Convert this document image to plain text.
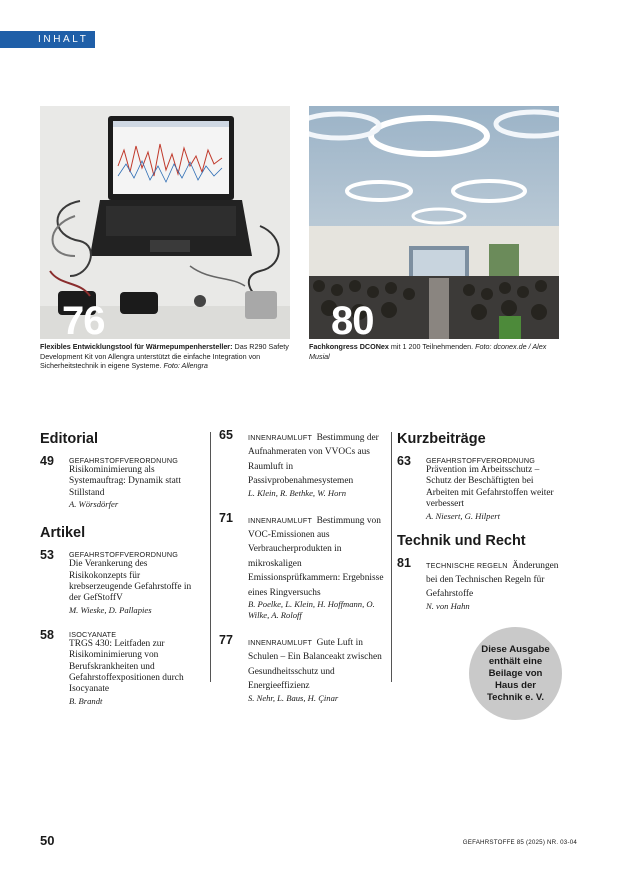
INHALT
76	80
Flexibles Entwicklungstool für Wärmepumpenhersteller: Das R290 Safety Development Kit von Allengra unterstützt die einfache Integration von Sicherheitstechnik in eigene Systeme. Foto: Allengra
Fachkongress DCONex mit 1 200 Teilnehmenden. Foto: dconex.de / Alex Musial
Editorial
49 GEFAHRSTOFFVERORDNUNG
Risikominimierung als Systemauftrag: Dynamik statt Stillstand
A. Wörsdörfer
Artikel
53 GEFAHRSTOFFVERORDNUNG
Die Verankerung des Risikokonzepts für krebserzeugende Gefahrstoffe in der GefStoffV
M. Wieske, D. Pallapies
58 ISOCYANATE
TRGS 430: Leitfaden zur Risikominimierung von Berufskrankheiten und Gefahrstoffexpositionen durch Isocyanate
B. Brandt
65 INNENRAUMLUFT Bestimmung der Aufnahmeraten von VVOCs aus Raumluft in Passivprobenahmesystemen
L. Klein, R. Bethke, W. Horn
71 INNENRAUMLUFT Bestimmung von VOC-Emissionen aus Verbraucherprodukten in mikroskaligen Emissionsprüfkammern: Ergebnisse eines Ringversuchs
B. Poelke, L. Klein, H. Hoffmann, O. Wilke, A. Roloff
77 INNENRAUMLUFT Gute Luft in Schulen – Ein Balanceakt zwischen Gesundheitsschutz und Energieeffizienz
S. Nehr, L. Baus, H. Çinar
Kurzbeiträge
63 GEFAHRSTOFFVERORDNUNG
Prävention im Arbeitsschutz – Schutz der Beschäftigten bei Arbeiten mit Gefahrstoffen weiter verbessert
A. Niesert, G. Hilpert
Technik und Recht
81 TECHNISCHE REGELN Änderungen bei den Technischen Regeln für Gefahrstoffe
N. von Hahn
Diese Ausgabe enthält eine Beilage von Haus der Technik e. V.
50	GEFAHRSTOFFE 85 (2025) NR. 03-04
